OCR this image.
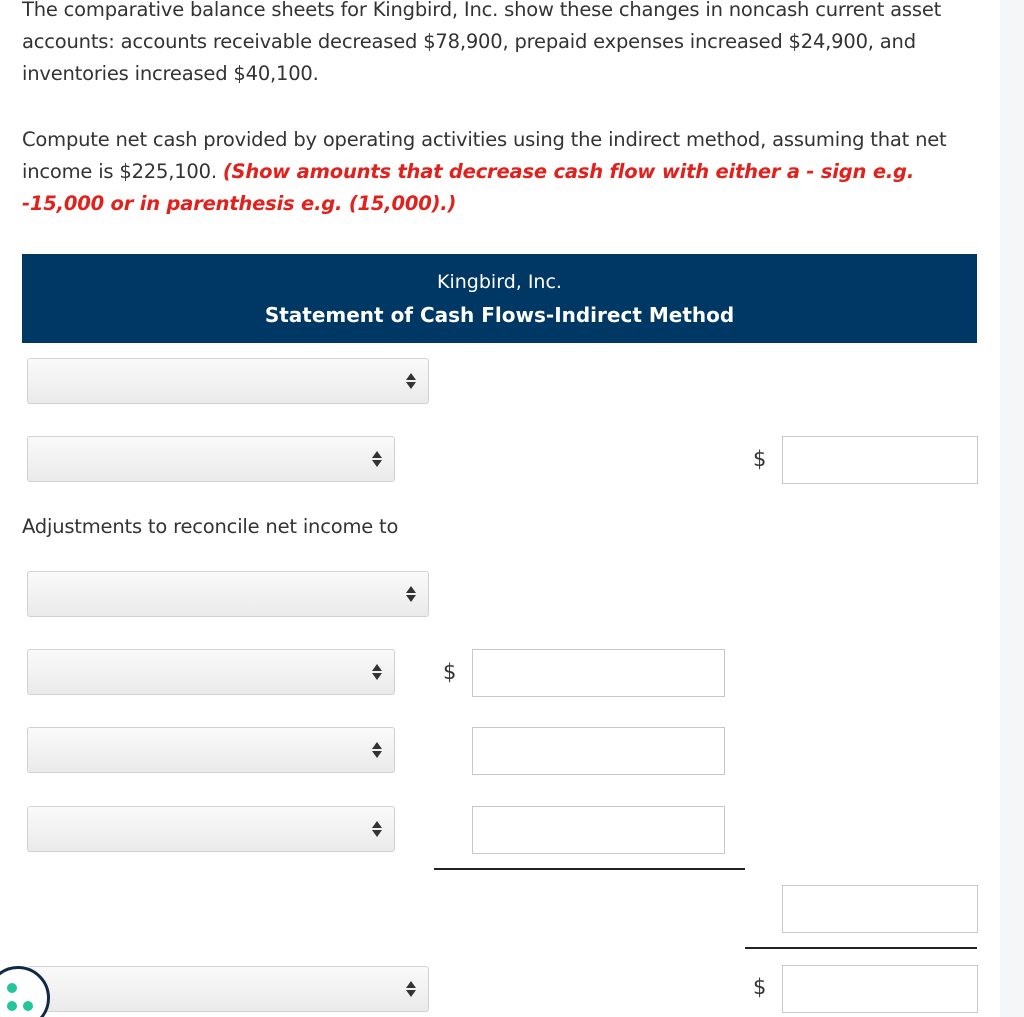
The comparative balance sheets for Kingbird, Inc. show these changes in noncash current asset accounts: accounts receivable decreased $78,900, prepaid expenses increased $24,900, and inventories increased $40,100.
Compute net cash provided by operating activities using the indirect method, assuming that net income is $225,100. (Show amounts that decrease cash flow with either a - sign e.g. -15,000 or in parenthesis e.g. (15,000).)
Kingbird, Inc.
Statement of Cash Flows-Indirect Method
$
Adjustments to reconcile net income to
$
$
